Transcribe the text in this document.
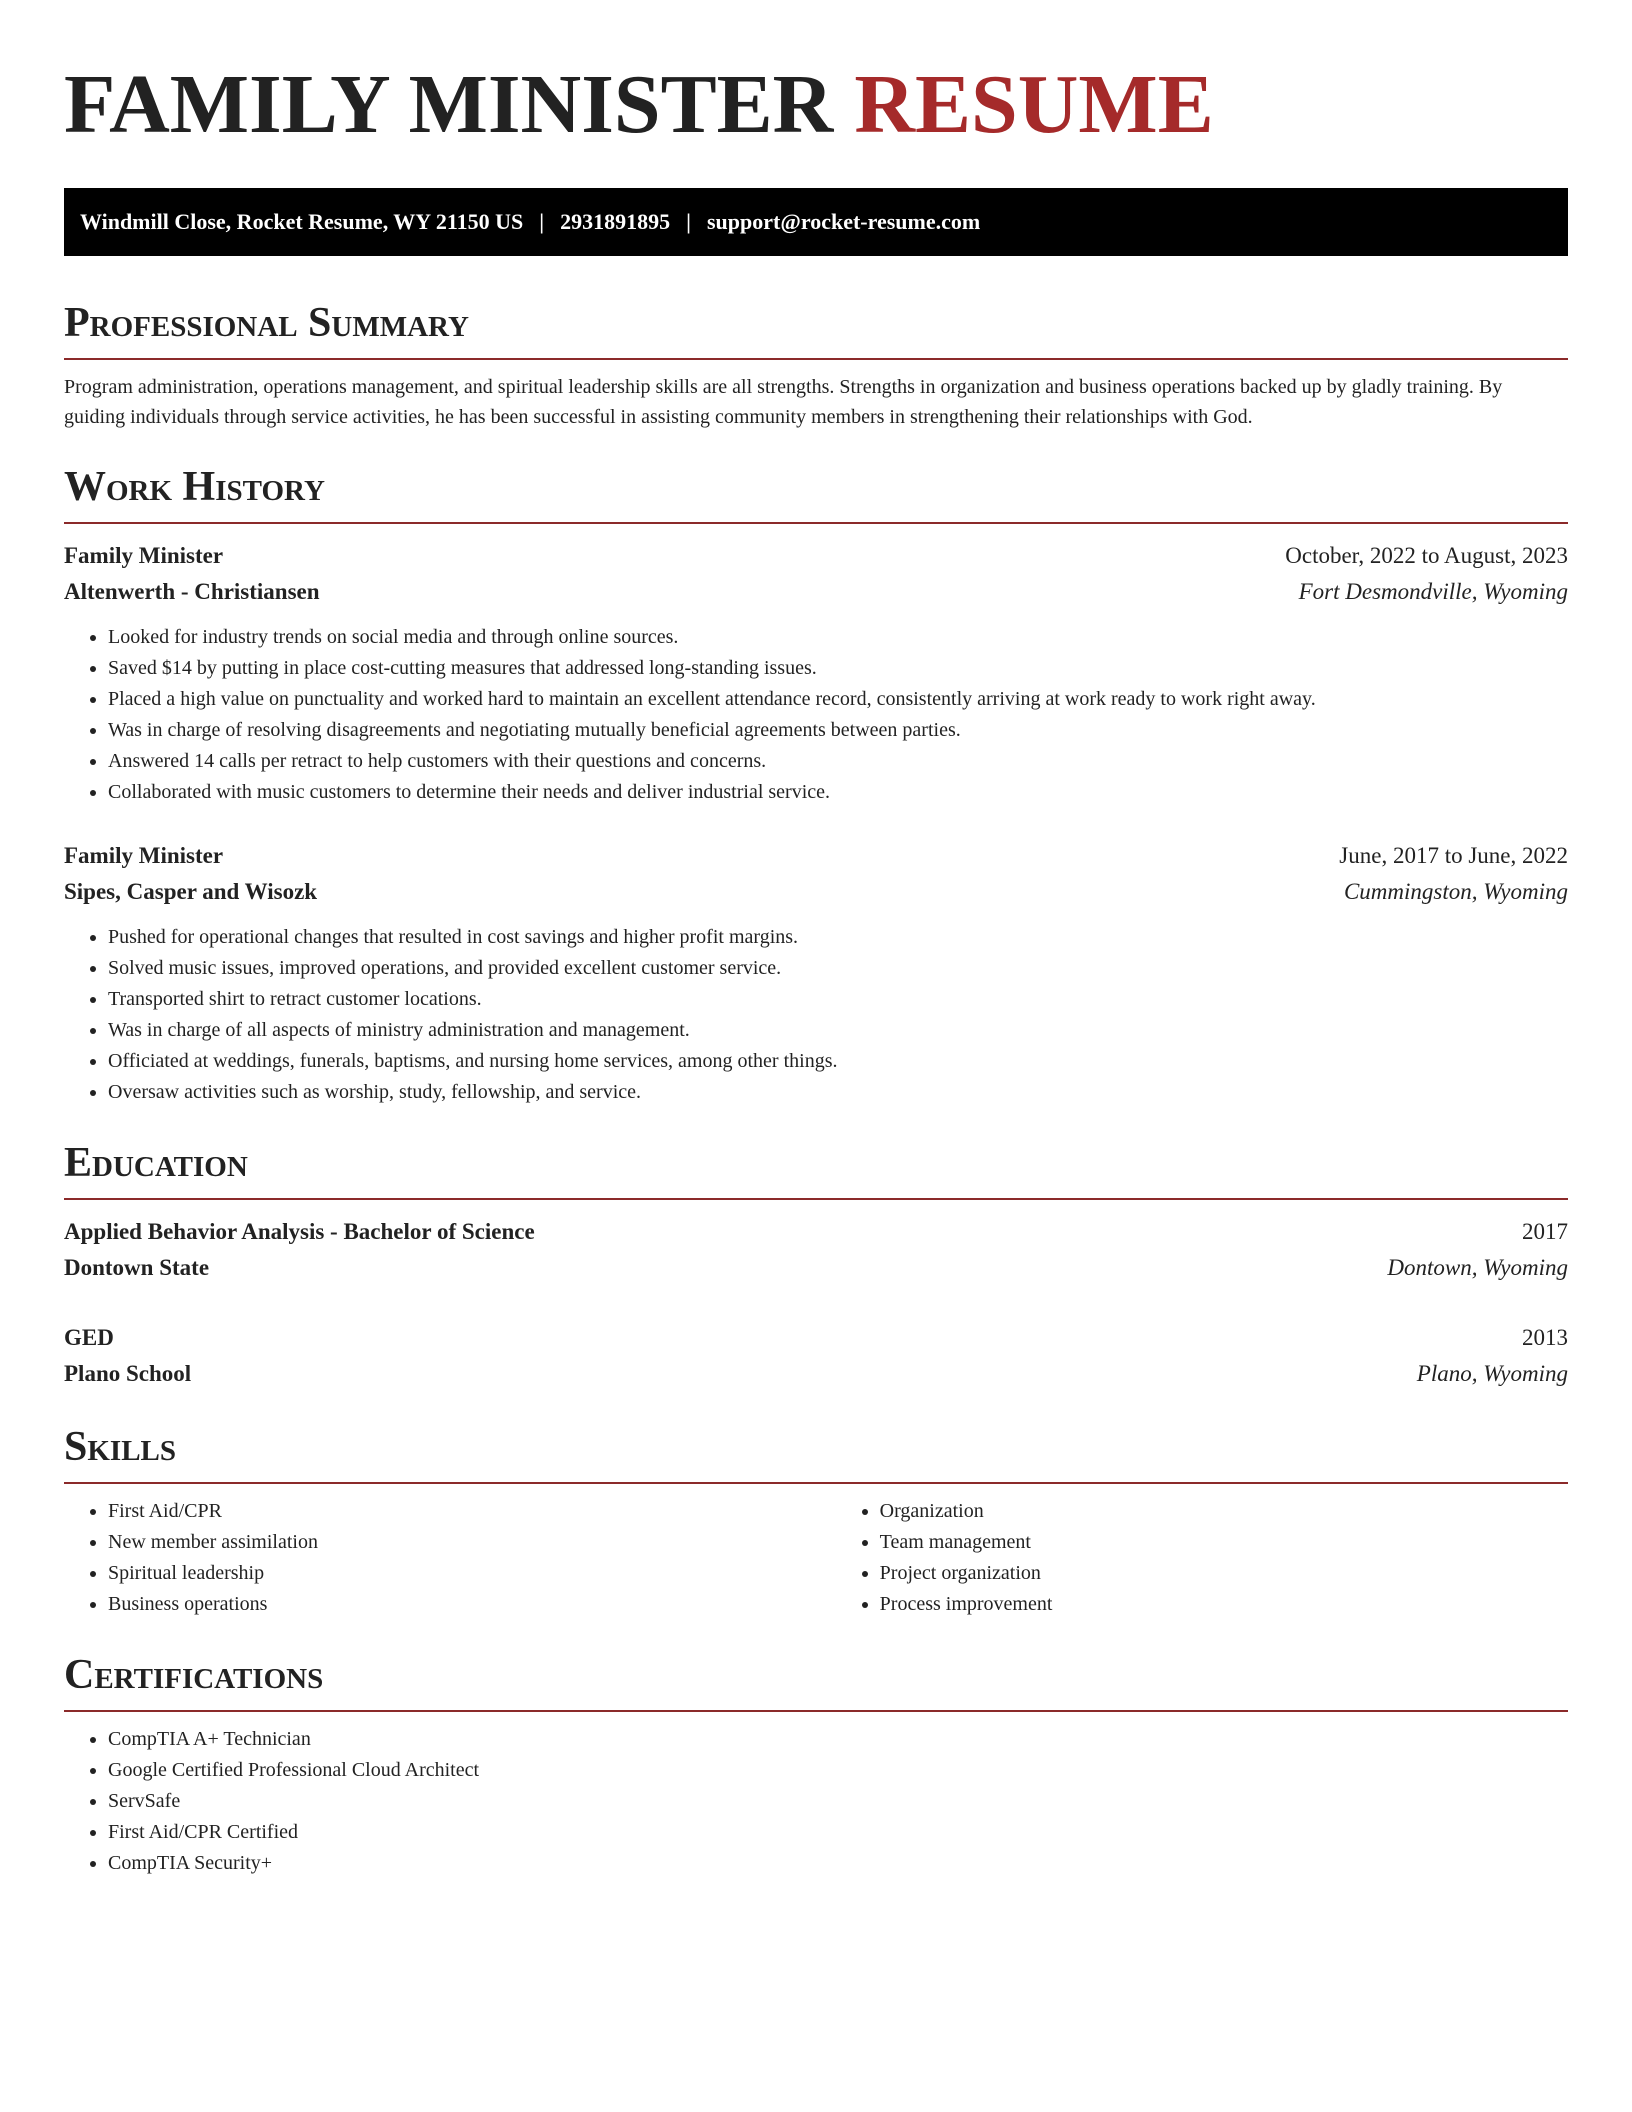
FAMILY MINISTER RESUME
Windmill Close, Rocket Resume, WY 21150 US | 2931891895 | support@rocket-resume.com
Professional Summary

Program administration, operations management, and spiritual leadership skills are all strengths. Strengths in organization and business operations backed up by gladly training. By guiding individuals through service activities, he has been successful in assisting community members in strengthening their relationships with God.

Work History
Family Minister	October, 2022 to August, 2023
Altenwerth - Christiansen	Fort Desmondville, Wyoming
• Looked for industry trends on social media and through online sources.
• Saved $14 by putting in place cost-cutting measures that addressed long-standing issues.
• Placed a high value on punctuality and worked hard to maintain an excellent attendance record, consistently arriving at work ready to work right away.
• Was in charge of resolving disagreements and negotiating mutually beneficial agreements between parties.
• Answered 14 calls per retract to help customers with their questions and concerns.
• Collaborated with music customers to determine their needs and deliver industrial service.
Family Minister	June, 2017 to June, 2022
Sipes, Casper and Wisozk	Cummingston, Wyoming
• Pushed for operational changes that resulted in cost savings and higher profit margins.
• Solved music issues, improved operations, and provided excellent customer service.
• Transported shirt to retract customer locations.
• Was in charge of all aspects of ministry administration and management.
• Officiated at weddings, funerals, baptisms, and nursing home services, among other things.
• Oversaw activities such as worship, study, fellowship, and service.
Education
Applied Behavior Analysis - Bachelor of Science	2017
Dontown State	Dontown, Wyoming
GED	2013
Plano School	Plano, Wyoming
Skills
• First Aid/CPR
• New member assimilation
• Spiritual leadership
• Business operations
• Organization
• Team management
• Project organization
• Process improvement
Certifications
• CompTIA A+ Technician
• Google Certified Professional Cloud Architect
• ServSafe
• First Aid/CPR Certified
• CompTIA Security+
